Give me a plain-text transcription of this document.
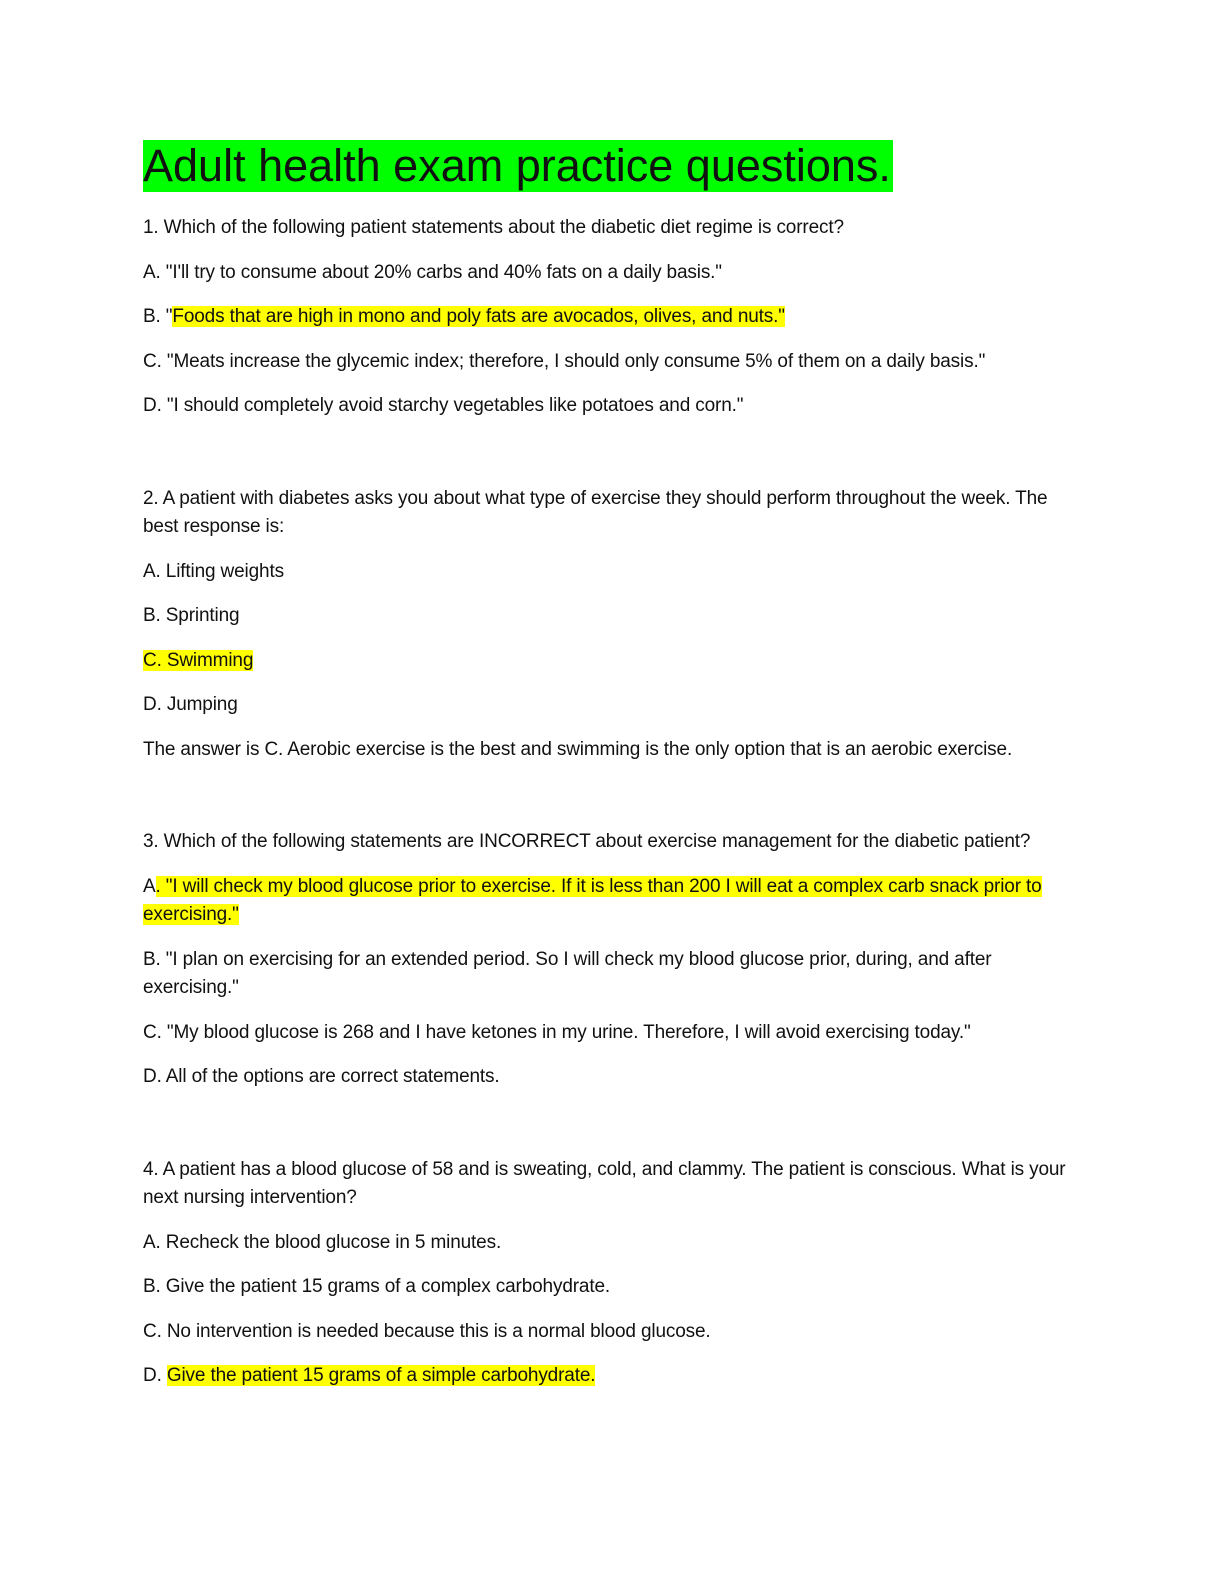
Adult health exam practice questions.

1. Which of the following patient statements about the diabetic diet regime is correct?

A. "I'll try to consume about 20% carbs and 40% fats on a daily basis."

B. "Foods that are high in mono and poly fats are avocados, olives, and nuts."

C. "Meats increase the glycemic index; therefore, I should only consume 5% of them on a daily basis."

D. "I should completely avoid starchy vegetables like potatoes and corn."

2. A patient with diabetes asks you about what type of exercise they should perform throughout the week. The best response is:

A. Lifting weights

B. Sprinting

C. Swimming

D. Jumping

The answer is C. Aerobic exercise is the best and swimming is the only option that is an aerobic exercise.

3. Which of the following statements are INCORRECT about exercise management for the diabetic patient?

A. "I will check my blood glucose prior to exercise. If it is less than 200 I will eat a complex carb snack prior to exercising."

B. "I plan on exercising for an extended period. So I will check my blood glucose prior, during, and after exercising."

C. "My blood glucose is 268 and I have ketones in my urine. Therefore, I will avoid exercising today."

D. All of the options are correct statements.

4. A patient has a blood glucose of 58 and is sweating, cold, and clammy. The patient is conscious. What is your next nursing intervention?

A. Recheck the blood glucose in 5 minutes.

B. Give the patient 15 grams of a complex carbohydrate.

C. No intervention is needed because this is a normal blood glucose.

D. Give the patient 15 grams of a simple carbohydrate.
